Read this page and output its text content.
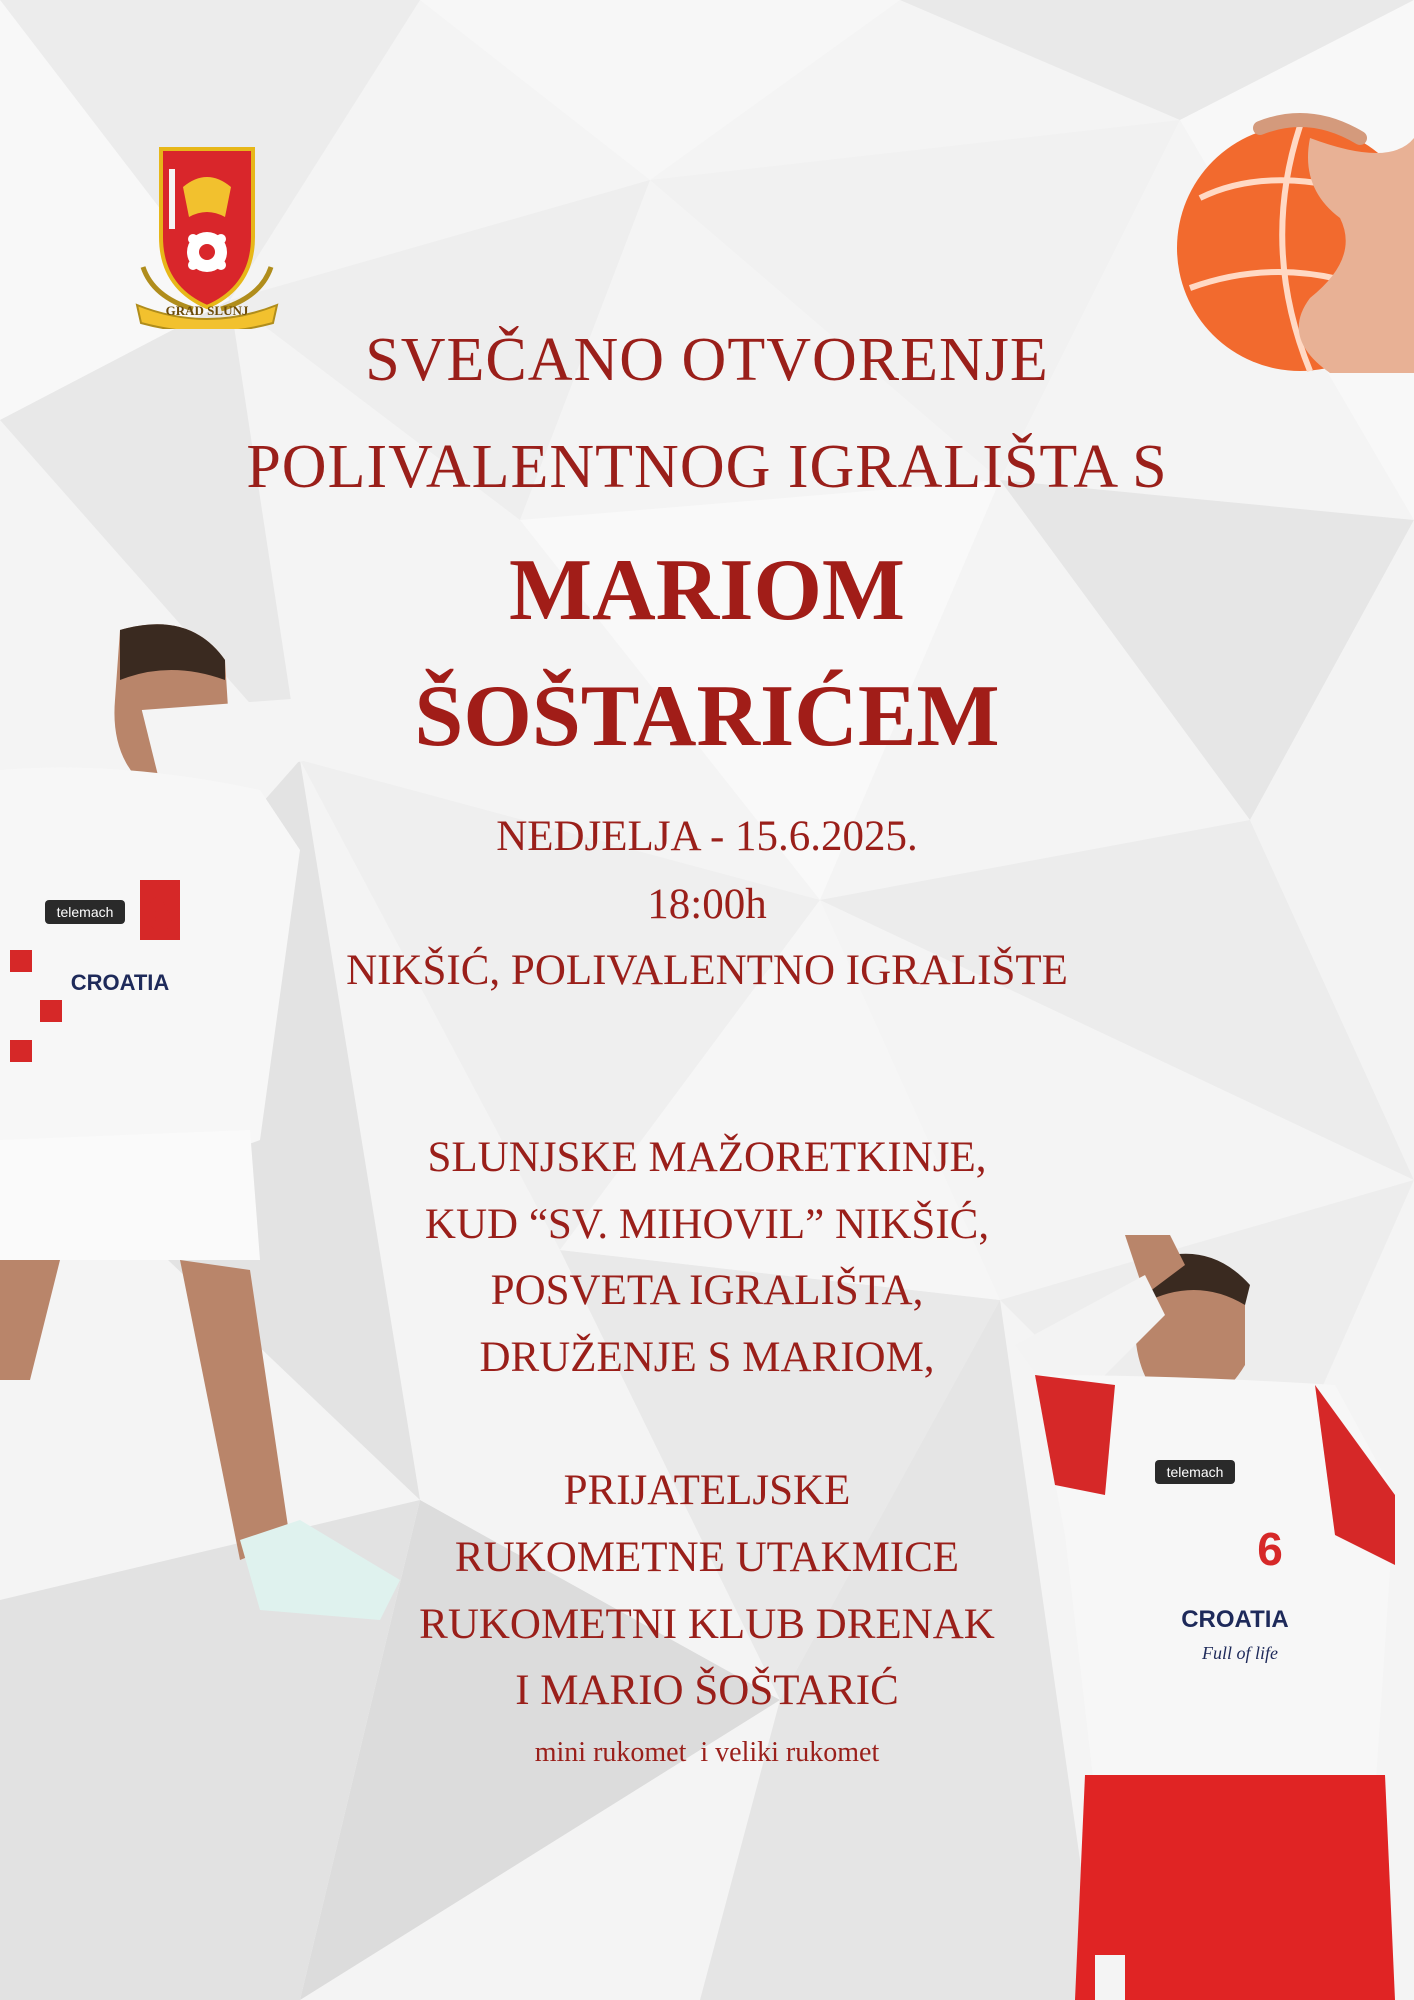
GRAD SLUNJ
6
CROATIA
telemach
telemach
6
CROATIA
Full of life
SVEČANO OTVORENJE
POLIVALENTNOG IGRALIŠTA S
MARIOM
ŠOŠTARIĆEM
NEDJELJA - 15.6.2025.
18:00h
NIKŠIĆ, POLIVALENTNO IGRALIŠTE
SLUNJSKE MAŽORETKINJE,
KUD “SV. MIHOVIL” NIKŠIĆ,
POSVETA IGRALIŠTA,
DRUŽENJE S MARIOM,
PRIJATELJSKE
RUKOMETNE UTAKMICE
RUKOMETNI KLUB DRENAK
I MARIO ŠOŠTARIĆ
mini rukomet  i veliki rukomet
